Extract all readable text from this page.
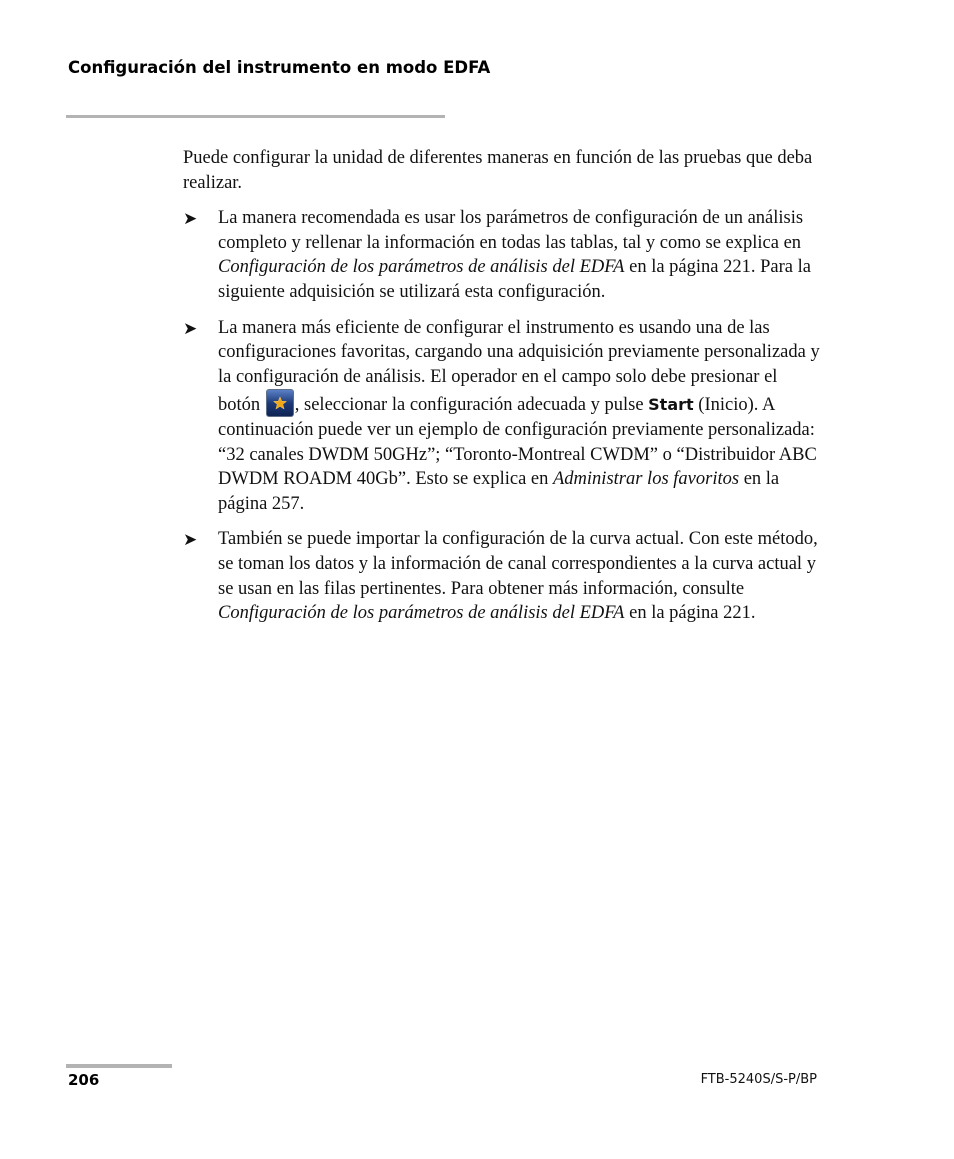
Configuración del instrumento en modo EDFA

Puede configurar la unidad de diferentes maneras en función de las pruebas que deba realizar.

➤ La manera recomendada es usar los parámetros de configuración de un análisis completo y rellenar la información en todas las tablas, tal y como se explica en Configuración de los parámetros de análisis del EDFA en la página 221. Para la siguiente adquisición se utilizará esta configuración.
➤ La manera más eficiente de configurar el instrumento es usando una de las configuraciones favoritas, cargando una adquisición previamente personalizada y la configuración de análisis. El operador en el campo solo debe presionar el botón
, seleccionar la configuración adecuada y pulse Start (Inicio). A continuación puede ver un ejemplo de configuración previamente personalizada: “32 canales DWDM 50GHz”; “Toronto-Montreal CWDM” o “Distribuidor ABC DWDM ROADM 40Gb”. Esto se explica en Administrar los favoritos en la página 257.
➤ También se puede importar la configuración de la curva actual. Con este método, se toman los datos y la información de canal correspondientes a la curva actual y se usan en las filas pertinentes. Para obtener más información, consulte Configuración de los parámetros de análisis del EDFA en la página 221.
206	FTB-5240S/S-P/BP
